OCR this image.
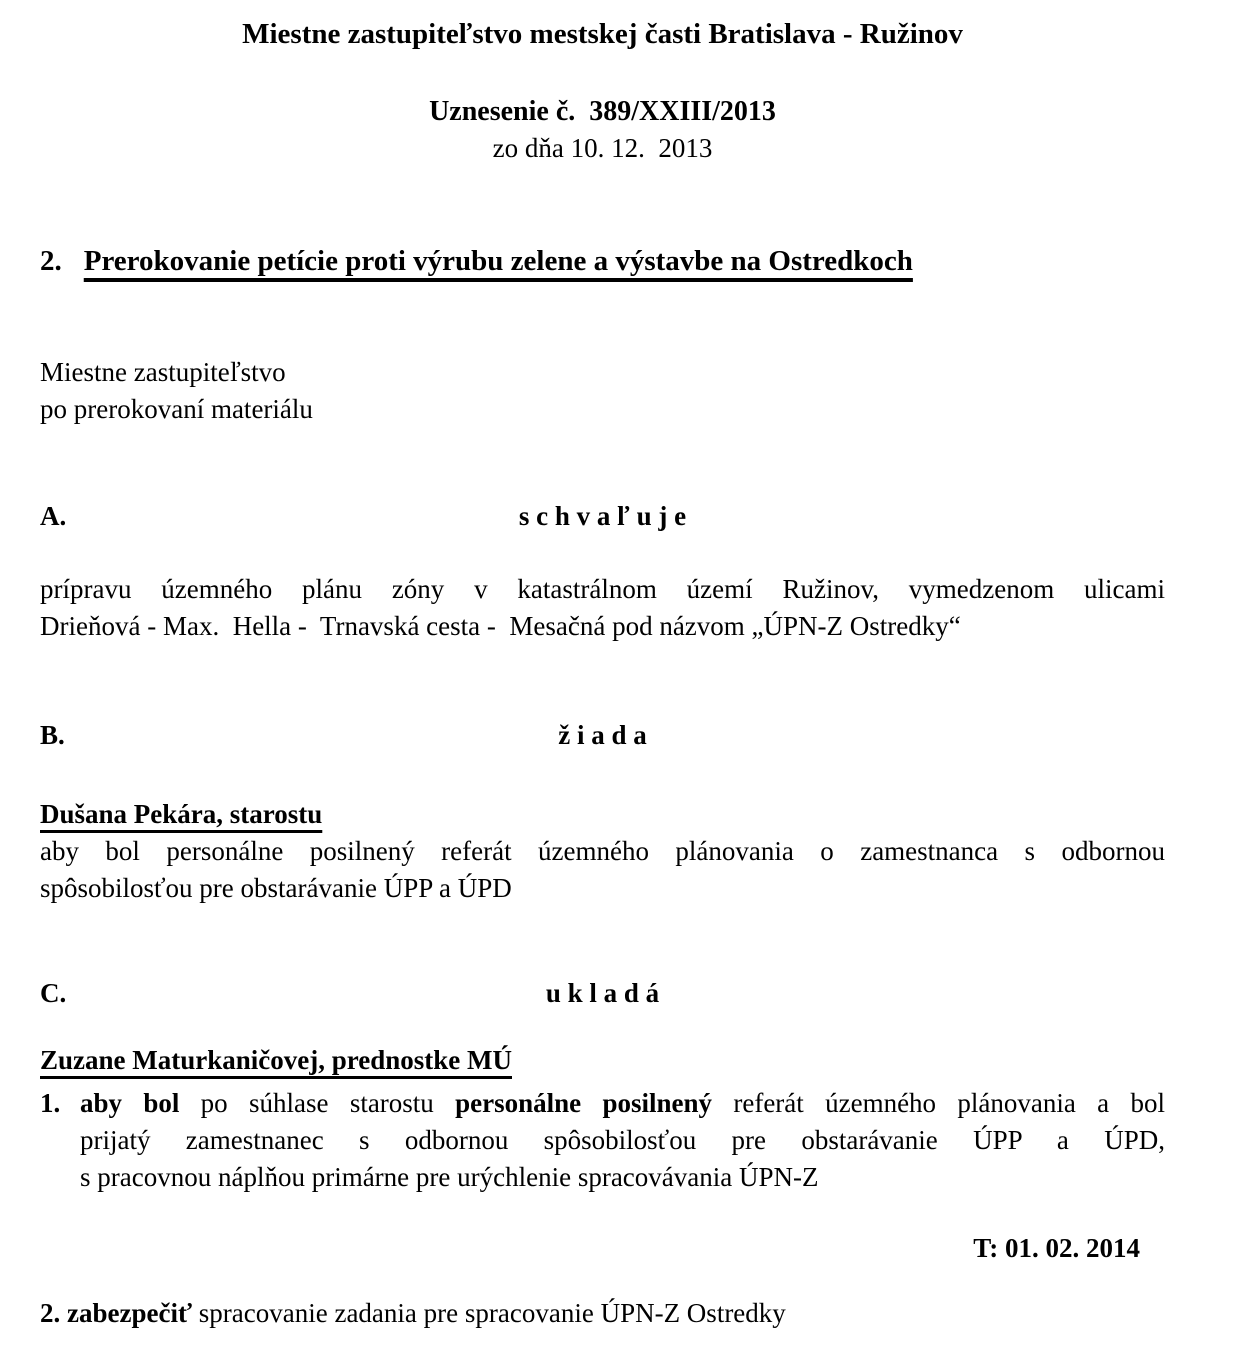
Miestne zastupiteľstvo mestskej časti Bratislava - Ružinov
Uznesenie č.  389/XXIII/2013
zo dňa 10. 12.  2013
2. Prerokovanie petície proti výrubu zelene a výstavbe na Ostredkoch
Miestne zastupiteľstvo
po prerokovaní materiálu
A.	s c h v a ľ u j e
prípravu územného plánu zóny v katastrálnom území Ružinov, vymedzenom ulicami
Drieňová - Max.  Hella -  Trnavská cesta -  Mesačná pod názvom „ÚPN-Z Ostredky“
B.	ž i a d a
Dušana Pekára, starostu
aby bol personálne posilnený referát územného plánovania o zamestnanca s odbornou
spôsobilosťou pre obstarávanie ÚPP a ÚPD
C.	u k l a d á
Zuzane Maturkaničovej, prednostke MÚ
1. aby bol po súhlase starostu personálne posilnený referát územného plánovania a bol
prijatý zamestnanec s odbornou spôsobilosťou pre obstarávanie ÚPP a ÚPD,
s pracovnou náplňou primárne pre urýchlenie spracovávania ÚPN-Z
T: 01. 02. 2014
2. zabezpečiť spracovanie zadania pre spracovanie ÚPN-Z Ostredky
